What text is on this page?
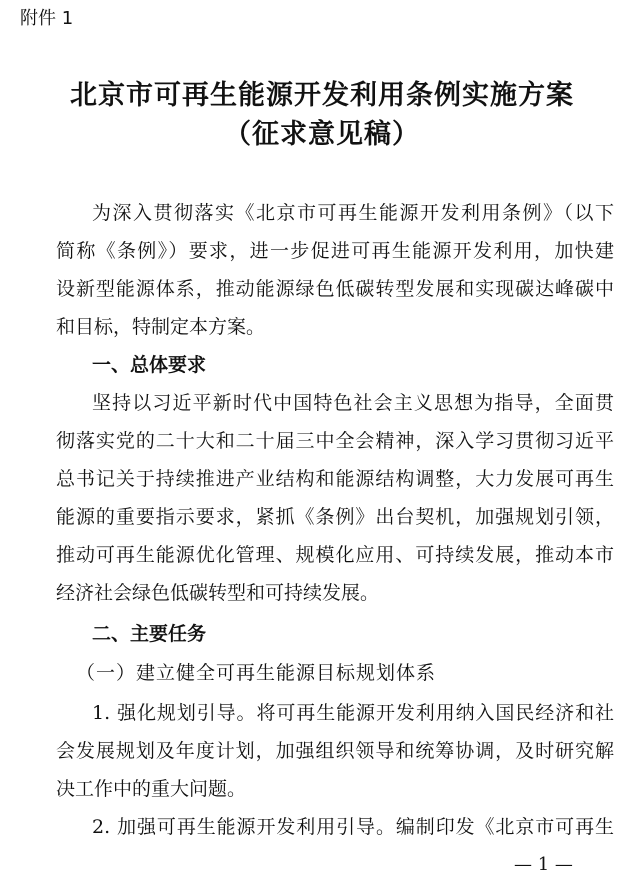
附件 1
北京市可再生能源开发利用条例实施方案
（征求意见稿）
为深入贯彻落实《北京市可再生能源开发利用条例》（以下
简称《条例》）要求，进一步促进可再生能源开发利用，加快建
设新型能源体系，推动能源绿色低碳转型发展和实现碳达峰碳中
和目标，特制定本方案。
一、总体要求
坚持以习近平新时代中国特色社会主义思想为指导，全面贯
彻落实党的二十大和二十届三中全会精神，深入学习贯彻习近平
总书记关于持续推进产业结构和能源结构调整，大力发展可再生
能源的重要指示要求，紧抓《条例》出台契机，加强规划引领，
推动可再生能源优化管理、规模化应用、可持续发展，推动本市
经济社会绿色低碳转型和可持续发展。
二、主要任务
（一）建立健全可再生能源目标规划体系
1. 强化规划引导。将可再生能源开发利用纳入国民经济和社
会发展规划及年度计划，加强组织领导和统筹协调，及时研究解
决工作中的重大问题。
2. 加强可再生能源开发利用引导。编制印发《北京市可再生
— 1 —
